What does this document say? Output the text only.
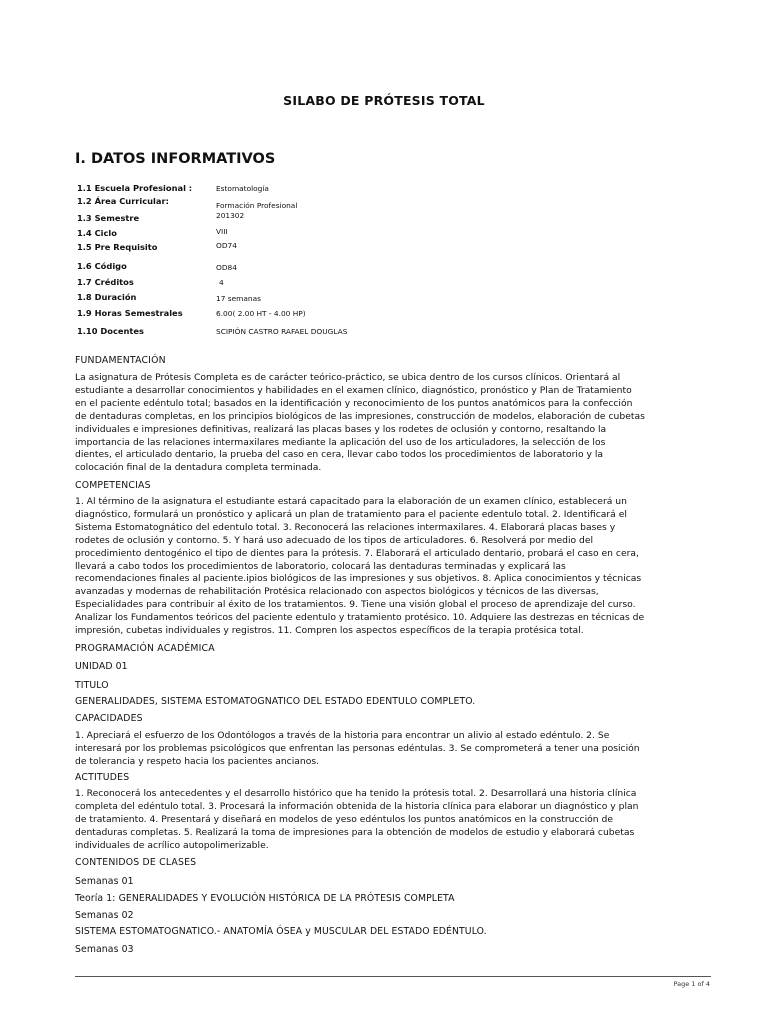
SILABO DE PRÓTESIS TOTAL
I. DATOS INFORMATIVOS
1.1 Escuela Profesional :	Estomatología
1.2 Área Curricular:	Formación Profesional
1.3 Semestre	201302
1.4 Ciclo	VIII
1.5 Pre Requisito	OD74
1.6 Código	OD84
1.7 Créditos	4
1.8 Duración	17 semanas
1.9 Horas Semestrales	6.00( 2.00 HT - 4.00 HP)
1.10 Docentes	SCIPIÓN CASTRO RAFAEL DOUGLAS
FUNDAMENTACIÓN
La asignatura de Prótesis Completa es de carácter teórico-práctico, se ubica dentro de los cursos clínicos. Orientará al estudiante a desarrollar conocimientos y habilidades en el examen clínico, diagnóstico, pronóstico y Plan de Tratamiento en el paciente edéntulo total; basados en la identificación y reconocimiento de los puntos anatómicos para la confección de dentaduras completas, en los principios biológicos de las impresiones, construcción de modelos, elaboración de cubetas individuales e impresiones definitivas, realizará las placas bases y los rodetes de oclusión y contorno, resaltando la importancia de las relaciones intermaxilares mediante la aplicación del uso de los articuladores, la selección de los dientes, el articulado dentario, la prueba del caso en cera, llevar cabo todos los procedimientos de laboratorio y la colocación final de la dentadura completa terminada.
COMPETENCIAS
1. Al término de la asignatura el estudiante estará capacitado para la elaboración de un examen clínico, establecerá un diagnóstico, formulará un pronóstico y aplicará un plan de tratamiento para el paciente edentulo total. 2. Identificará el Sistema Estomatognático del edentulo total. 3. Reconocerá las relaciones intermaxilares. 4. Elaborará placas bases y rodetes de oclusión y contorno. 5. Y hará uso adecuado de los tipos de articuladores. 6. Resolverá por medio del procedimiento dentogénico el tipo de dientes para la prótesis. 7. Elaborará el articulado dentario, probará el caso en cera, llevará a cabo todos los procedimientos de laboratorio, colocará las dentaduras terminadas y explicará las recomendaciones finales al paciente.ipios biológicos de las impresiones y sus objetivos. 8. Aplica conocimientos y técnicas avanzadas y modernas de rehabilitación Protésica relacionado con aspectos biológicos y técnicos de las diversas, Especialidades para contribuir al éxito de los tratamientos. 9. Tiene una visión global el proceso de aprendizaje del curso. Analizar los Fundamentos teóricos del paciente edentulo y tratamiento protésico. 10. Adquiere las destrezas en técnicas de impresión, cubetas individuales y registros. 11. Compren los aspectos específicos de la terapia protésica total.
PROGRAMACIÓN ACADÉMICA
UNIDAD 01
TITULO
GENERALIDADES, SISTEMA ESTOMATOGNATICO DEL ESTADO EDENTULO COMPLETO.
CAPACIDADES
1. Apreciará el esfuerzo de los Odontólogos a través de la historia para encontrar un alivio al estado edéntulo. 2. Se interesará por los problemas psicológicos que enfrentan las personas edéntulas. 3. Se comprometerá a tener una posición de tolerancia y respeto hacia los pacientes ancianos.
ACTITUDES
1. Reconocerá los antecedentes y el desarrollo histórico que ha tenido la prótesis total. 2. Desarrollará una historia clínica completa del edéntulo total. 3. Procesará la información obtenida de la historia clínica para elaborar un diagnóstico y plan de tratamiento. 4. Presentará y diseñará en modelos de yeso edéntulos los puntos anatómicos en la construcción de dentaduras completas. 5. Realizará la toma de impresiones para la obtención de modelos de estudio y elaborará cubetas individuales de acrílico autopolimerizable.
CONTENIDOS DE CLASES
Semanas 01
Teoría 1: GENERALIDADES Y EVOLUCIÓN HISTÓRICA DE LA PRÓTESIS COMPLETA
Semanas 02
SISTEMA ESTOMATOGNATICO.- ANATOMÍA ÓSEA y MUSCULAR DEL ESTADO EDÉNTULO.
Semanas 03
Page 1 of 4
